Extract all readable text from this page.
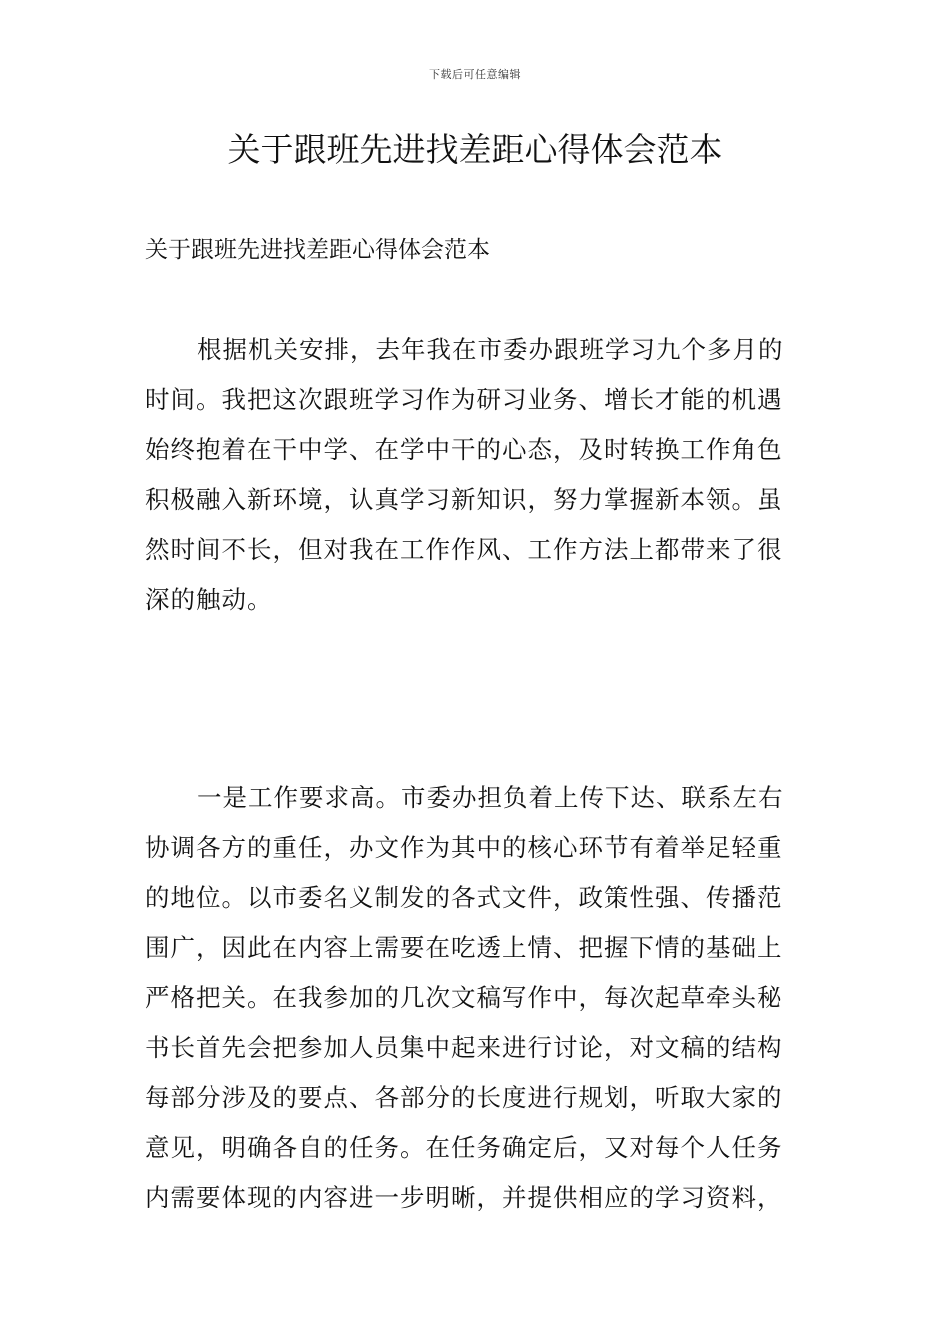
下载后可任意编辑
关于跟班先进找差距心得体会范本
关于跟班先进找差距心得体会范本
根据机关安排，去年我在市委办跟班学习九个多月的
时间。我把这次跟班学习作为研习业务、增长才能的机遇
始终抱着在干中学、在学中干的心态，及时转换工作角色
积极融入新环境，认真学习新知识，努力掌握新本领。虽
然时间不长，但对我在工作作风、工作方法上都带来了很
深的触动。
一是工作要求高。市委办担负着上传下达、联系左右
协调各方的重任，办文作为其中的核心环节有着举足轻重
的地位。以市委名义制发的各式文件，政策性强、传播范
围广，因此在内容上需要在吃透上情、把握下情的基础上
严格把关。在我参加的几次文稿写作中，每次起草牵头秘
书长首先会把参加人员集中起来进行讨论，对文稿的结构
每部分涉及的要点、各部分的长度进行规划，听取大家的
意见，明确各自的任务。在任务确定后，又对每个人任务
内需要体现的内容进一步明晰，并提供相应的学习资料，
